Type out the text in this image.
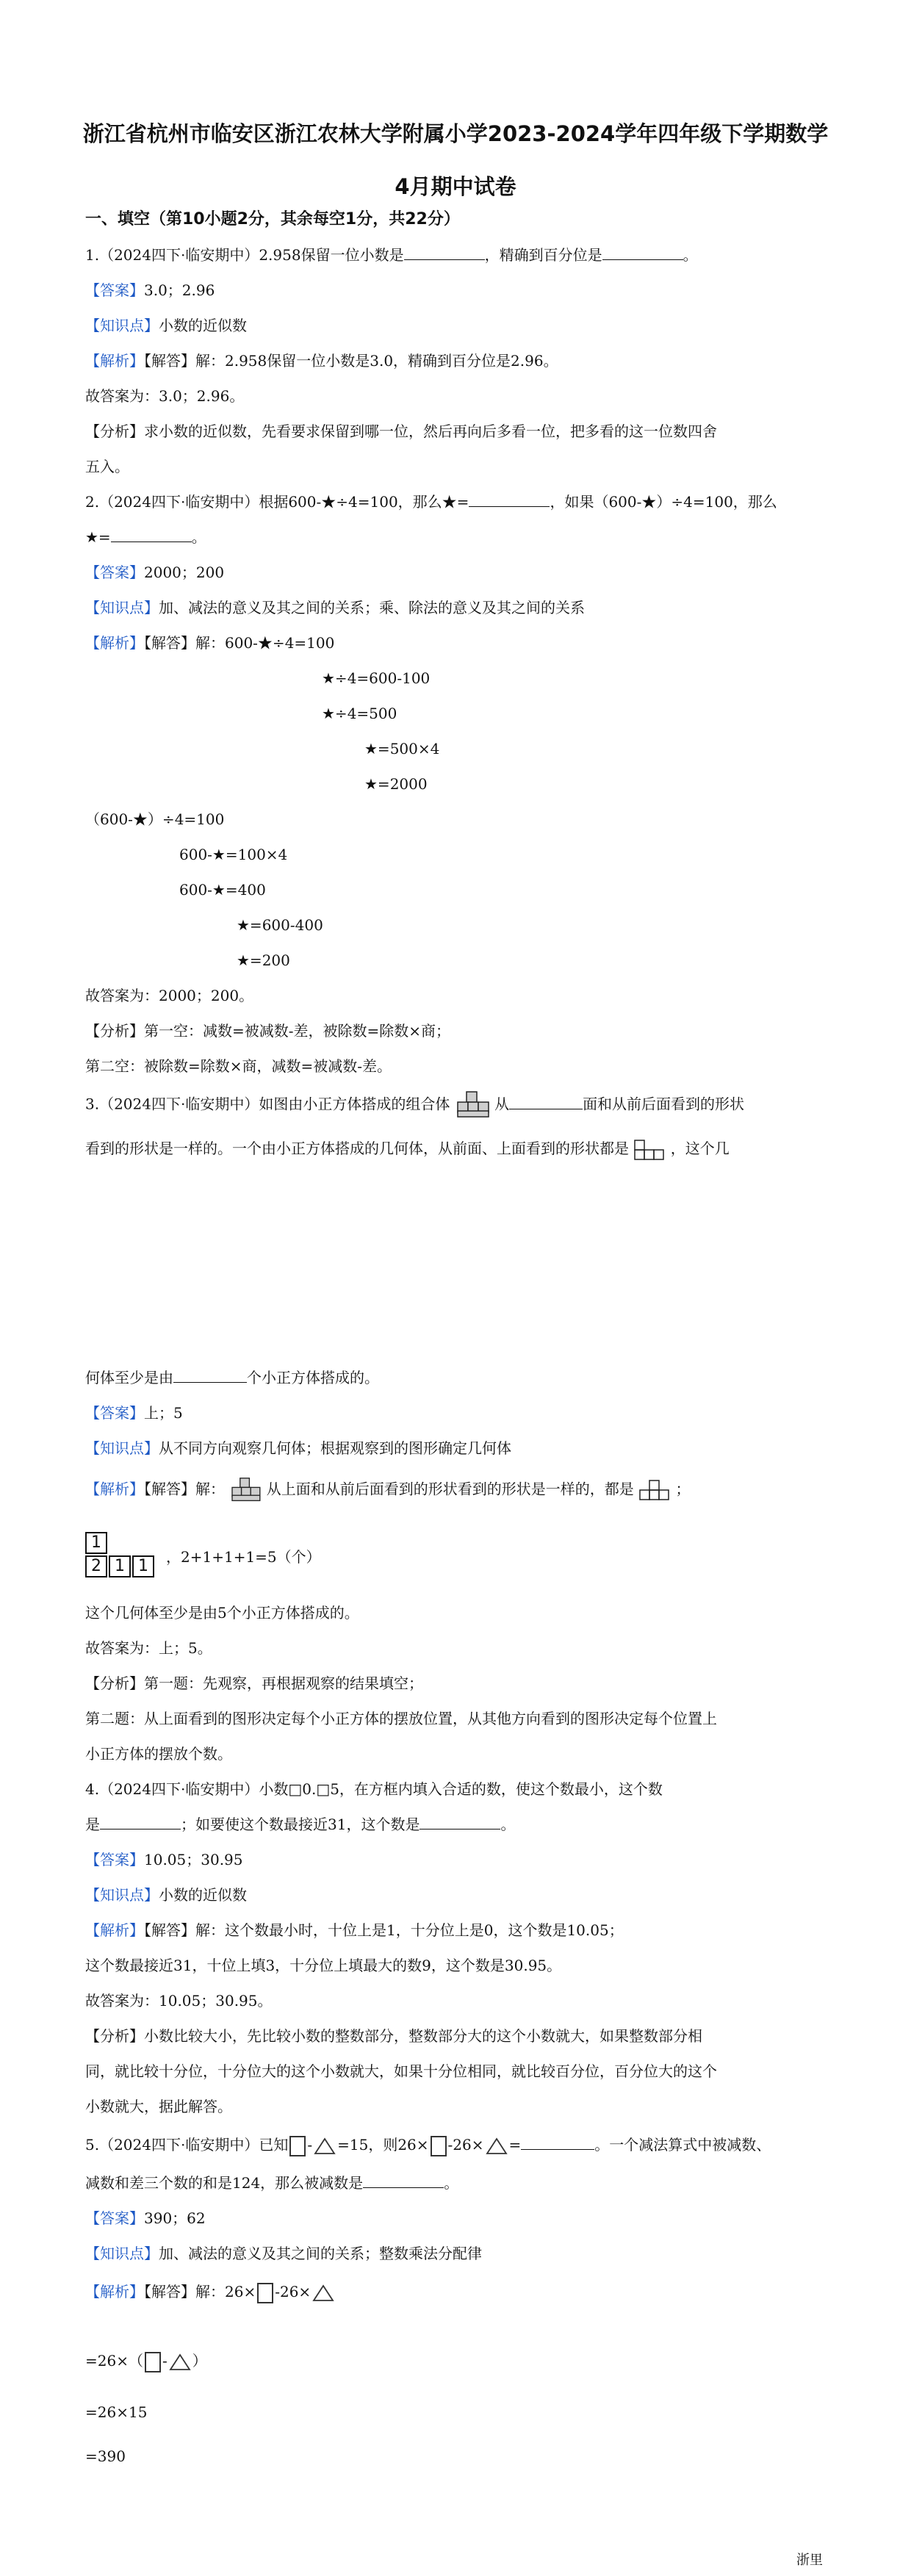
浙江省杭州市临安区浙江农林大学附属小学2023-2024学年四年级下学期数学
4月期中试卷
一、填空（第10小题2分，其余每空1分，共22分）
1.（2024四下·临安期中）2.958保留一位小数是	，精确到百分位是	。
【答案】3.0；2.96
【知识点】小数的近似数
【解析】【解答】解：2.958保留一位小数是3.0，精确到百分位是2.96。
故答案为：3.0；2.96。
【分析】求小数的近似数，先看要求保留到哪一位，然后再向后多看一位，把多看的这一位数四舍
五入。
2.（2024四下·临安期中）根据600-★÷4=100，那么★=	，如果（600-★）÷4=100，那么
★=	。
【答案】2000；200
【知识点】加、减法的意义及其之间的关系；乘、除法的意义及其之间的关系
【解析】【解答】解：600-★÷4=100
★÷4=600-100
★÷4=500
★=500×4
★=2000
（600-★）÷4=100
600-★=100×4
600-★=400
★=600-400
★=200
故答案为：2000；200。
【分析】第一空：减数=被减数-差，被除数=除数×商；
第二空：被除数=除数×商，减数=被减数-差。
3.（2024四下·临安期中）如图由小正方体搭成的组合体	从	面和从前后面看到的形状
看到的形状是一样的。一个由小正方体搭成的几何体，从前面、上面看到的形状都是	，这个几
何体至少是由	个小正方体搭成的。
【答案】上；5
【知识点】从不同方向观察几何体；根据观察到的图形确定几何体
【解析】【解答】解：	从上面和从前后面看到的形状看到的形状是一样的，都是	；
1
2 1 1	，2+1+1+1=5（个）
这个几何体至少是由5个小正方体搭成的。
故答案为：上；5。
【分析】第一题：先观察，再根据观察的结果填空；
第二题：从上面看到的图形决定每个小正方体的摆放位置，从其他方向看到的图形决定每个位置上
小正方体的摆放个数。
4.（2024四下·临安期中）小数□0.□5，在方框内填入合适的数，使这个数最小，这个数
是	；如要使这个数最接近31，这个数是	。
【答案】10.05；30.95
【知识点】小数的近似数
【解析】【解答】解：这个数最小时，十位上是1，十分位上是0，这个数是10.05；
这个数最接近31，十位上填3，十分位上填最大的数9，这个数是30.95。
故答案为：10.05；30.95。
【分析】小数比较大小，先比较小数的整数部分，整数部分大的这个小数就大，如果整数部分相
同，就比较十分位，十分位大的这个小数就大，如果十分位相同，就比较百分位，百分位大的这个
小数就大，据此解答。
5.（2024四下·临安期中）已知 - =15，则26× -26× =	。一个减法算式中被减数、
减数和差三个数的和是124，那么被减数是	。
【答案】390；62
【知识点】加、减法的意义及其之间的关系；整数乘法分配律
【解析】【解答】解：26× -26×
=26×（ - ）
=26×15
=390
浙里
